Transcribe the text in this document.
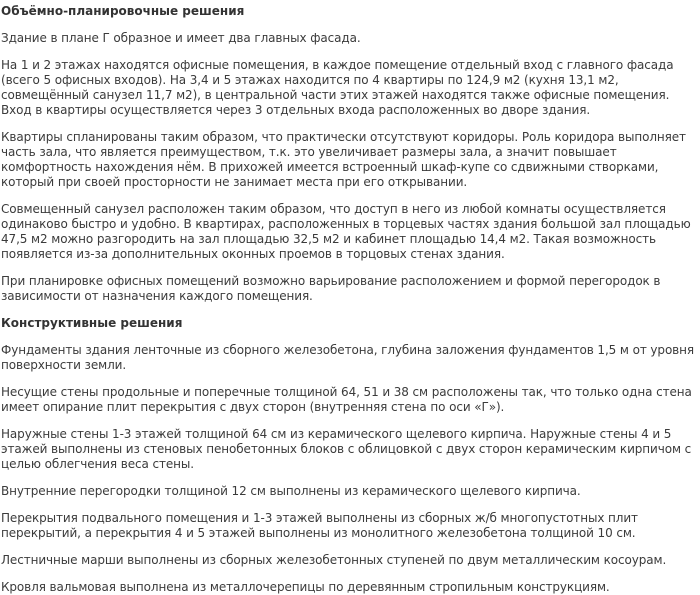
Объёмно-планировочные решения

Здание в плане Г образное и имеет два главных фасада.

На 1 и 2 этажах находятся офисные помещения, в каждое помещение отдельный вход с главного фасада (всего 5 офисных входов). На 3,4 и 5 этажах находится по 4 квартиры по 124,9 м2 (кухня 13,1 м2, совмещённый санузел 11,7 м2), в центральной части этих этажей находятся также офисные помещения. Вход в квартиры осуществляется через 3 отдельных входа расположенных во дворе здания.

Квартиры спланированы таким образом, что практически отсутствуют коридоры. Роль коридора выполняет часть зала, что является преимуществом, т.к. это увеличивает размеры зала, а значит повышает комфортность нахождения нём. В прихожей имеется встроенный шкаф-купе со сдвижными створками, который при своей просторности не занимает места при его открывании.

Совмещенный санузел расположен таким образом, что доступ в него из любой комнаты осуществляется одинаково быстро и удобно. В квартирах, расположенных в торцевых частях здания большой зал площадью 47,5 м2 можно разгородить на зал площадью 32,5 м2 и кабинет площадью 14,4 м2. Такая возможность появляется из-за дополнительных оконных проемов в торцовых стенах здания.

При планировке офисных помещений возможно варьирование расположением и формой перегородок в зависимости от назначения каждого помещения.

Конструктивные решения

Фундаменты здания ленточные из сборного железобетона, глубина заложения фундаментов 1,5 м от уровня поверхности земли.

Несущие стены продольные и поперечные толщиной 64, 51 и 38 см расположены так, что только одна стена имеет опирание плит перекрытия с двух сторон (внутренняя стена по оси «Г»).

Наружные стены 1-3 этажей толщиной 64 см из керамического щелевого кирпича. Наружные стены 4 и 5 этажей выполнены из стеновых пенобетонных блоков с облицовкой с двух сторон керамическим кирпичом с целью облегчения веса стены.

Внутренние перегородки толщиной 12 см выполнены из керамического щелевого кирпича.

Перекрытия подвального помещения и 1-3 этажей выполнены из сборных ж/б многопустотных плит перекрытий, а перекрытия 4 и 5 этажей выполнены из монолитного железобетона толщиной 10 см.

Лестничные марши выполнены из сборных железобетонных ступеней по двум металлическим косоурам.

Кровля вальмовая выполнена из металлочерепицы по деревянным стропильным конструкциям.
